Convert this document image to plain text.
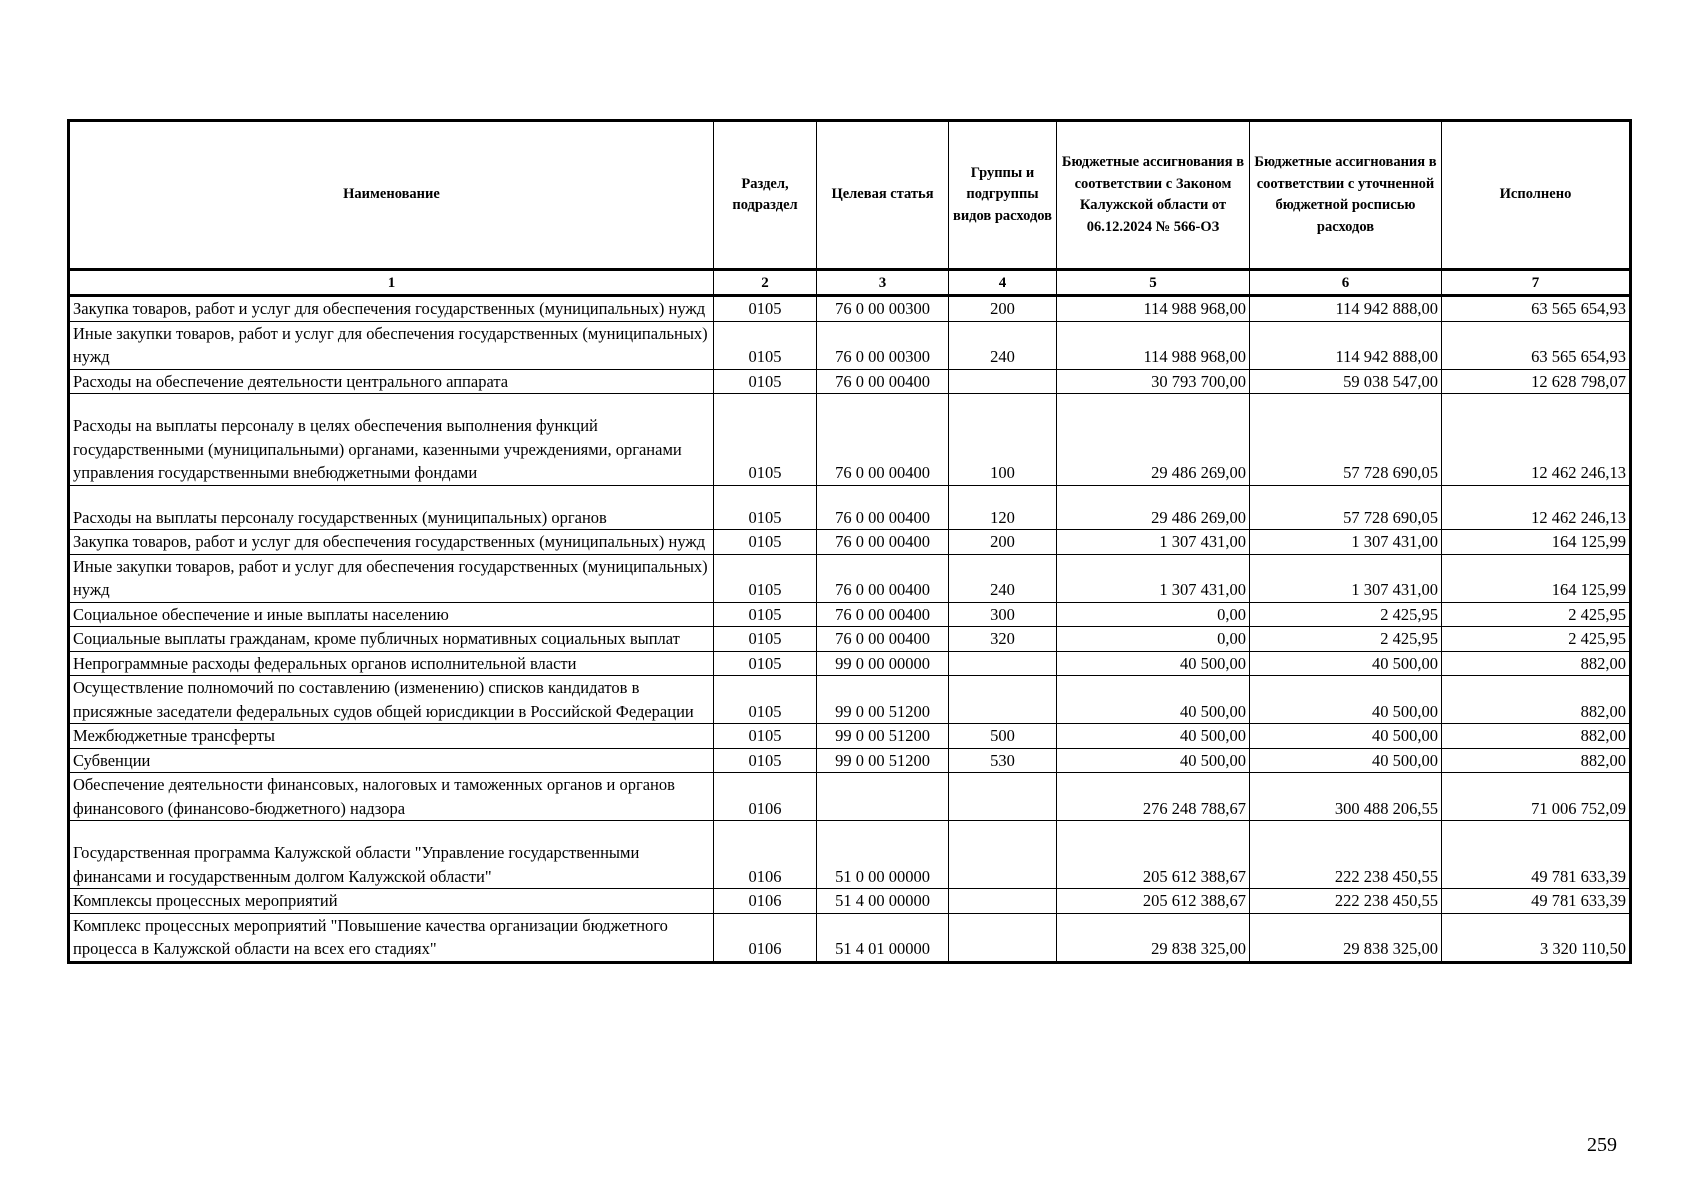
Наименование	Раздел, подраздел	Целевая статья	Группы и подгруппы видов расходов	Бюджетные ассигнования в соответствии с Законом Калужской области от 06.12.2024 № 566-ОЗ	Бюджетные ассигнования в соответствии с уточненной бюджетной росписью расходов	Исполнено
1	2	3	4	5	6	7
Закупка товаров, работ и услуг для обеспечения государственных (муниципальных) нужд	0105	76 0 00 00300	200	114 988 968,00	114 942 888,00	63 565 654,93
Иные закупки товаров, работ и услуг для обеспечения государственных (муниципальных) нужд	0105	76 0 00 00300	240	114 988 968,00	114 942 888,00	63 565 654,93
Расходы на обеспечение деятельности центрального аппарата	0105	76 0 00 00400		30 793 700,00	59 038 547,00	12 628 798,07
Расходы на выплаты персоналу в целях обеспечения выполнения функций государственными (муниципальными) органами, казенными учреждениями, органами управления государственными внебюджетными фондами	0105	76 0 00 00400	100	29 486 269,00	57 728 690,05	12 462 246,13
Расходы на выплаты персоналу государственных (муниципальных) органов	0105	76 0 00 00400	120	29 486 269,00	57 728 690,05	12 462 246,13
Закупка товаров, работ и услуг для обеспечения государственных (муниципальных) нужд	0105	76 0 00 00400	200	1 307 431,00	1 307 431,00	164 125,99
Иные закупки товаров, работ и услуг для обеспечения государственных (муниципальных) нужд	0105	76 0 00 00400	240	1 307 431,00	1 307 431,00	164 125,99
Социальное обеспечение и иные выплаты населению	0105	76 0 00 00400	300	0,00	2 425,95	2 425,95
Социальные выплаты гражданам, кроме публичных нормативных социальных выплат	0105	76 0 00 00400	320	0,00	2 425,95	2 425,95
Непрограммные расходы федеральных органов исполнительной власти	0105	99 0 00 00000		40 500,00	40 500,00	882,00
Осуществление полномочий по составлению (изменению) списков кандидатов в присяжные заседатели федеральных судов общей юрисдикции в Российской Федерации	0105	99 0 00 51200		40 500,00	40 500,00	882,00
Межбюджетные трансферты	0105	99 0 00 51200	500	40 500,00	40 500,00	882,00
Субвенции	0105	99 0 00 51200	530	40 500,00	40 500,00	882,00
Обеспечение деятельности финансовых, налоговых и таможенных органов и органов финансового (финансово-бюджетного) надзора	0106			276 248 788,67	300 488 206,55	71 006 752,09
Государственная программа Калужской области "Управление государственными финансами и государственным долгом Калужской области"	0106	51 0 00 00000		205 612 388,67	222 238 450,55	49 781 633,39
Комплексы процессных мероприятий	0106	51 4 00 00000		205 612 388,67	222 238 450,55	49 781 633,39
Комплекс процессных мероприятий "Повышение качества организации бюджетного процесса в Калужской области на всех его стадиях"	0106	51 4 01 00000		29 838 325,00	29 838 325,00	3 320 110,50
259
